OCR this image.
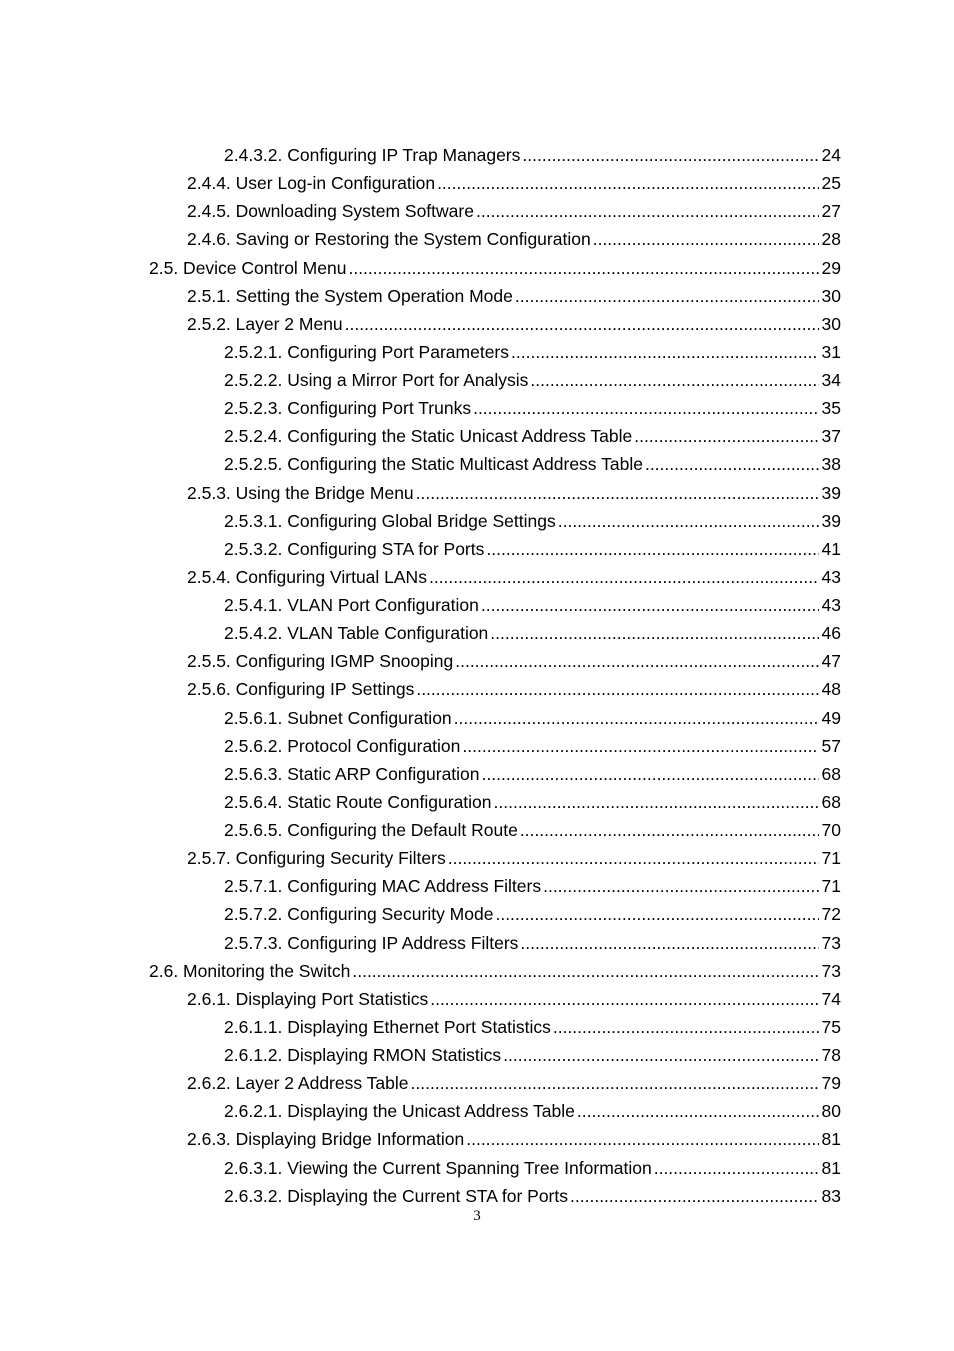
2.4.3.2. Configuring IP Trap Managers .....	24
2.4.4. User Log-in Configuration .....	25
2.4.5. Downloading System Software .....	27
2.4.6. Saving or Restoring the System Configuration .....	28
2.5. Device Control Menu .....	29
2.5.1. Setting the System Operation Mode .....	30
2.5.2. Layer 2 Menu .....	30
2.5.2.1. Configuring Port Parameters .....	31
2.5.2.2. Using a Mirror Port for Analysis .....	34
2.5.2.3. Configuring Port Trunks .....	35
2.5.2.4. Configuring the Static Unicast Address Table .....	37
2.5.2.5. Configuring the Static Multicast Address Table .....	38
2.5.3. Using the Bridge Menu .....	39
2.5.3.1. Configuring Global Bridge Settings .....	39
2.5.3.2. Configuring STA for Ports .....	41
2.5.4. Configuring Virtual LANs .....	43
2.5.4.1. VLAN Port Configuration .....	43
2.5.4.2. VLAN Table Configuration .....	46
2.5.5. Configuring IGMP Snooping .....	47
2.5.6. Configuring IP Settings .....	48
2.5.6.1. Subnet Configuration .....	49
2.5.6.2. Protocol Configuration .....	57
2.5.6.3. Static ARP Configuration .....	68
2.5.6.4. Static Route Configuration .....	68
2.5.6.5. Configuring the Default Route .....	70
2.5.7. Configuring Security Filters .....	71
2.5.7.1. Configuring MAC Address Filters .....	71
2.5.7.2. Configuring Security Mode .....	72
2.5.7.3. Configuring IP Address Filters .....	73
2.6. Monitoring the Switch .....	73
2.6.1. Displaying Port Statistics .....	74
2.6.1.1. Displaying Ethernet Port Statistics .....	75
2.6.1.2. Displaying RMON Statistics .....	78
2.6.2. Layer 2 Address Table .....	79
2.6.2.1. Displaying the Unicast Address Table .....	80
2.6.3. Displaying Bridge Information .....	81
2.6.3.1. Viewing the Current Spanning Tree Information .....	81
2.6.3.2. Displaying the Current STA for Ports .....	83
3
